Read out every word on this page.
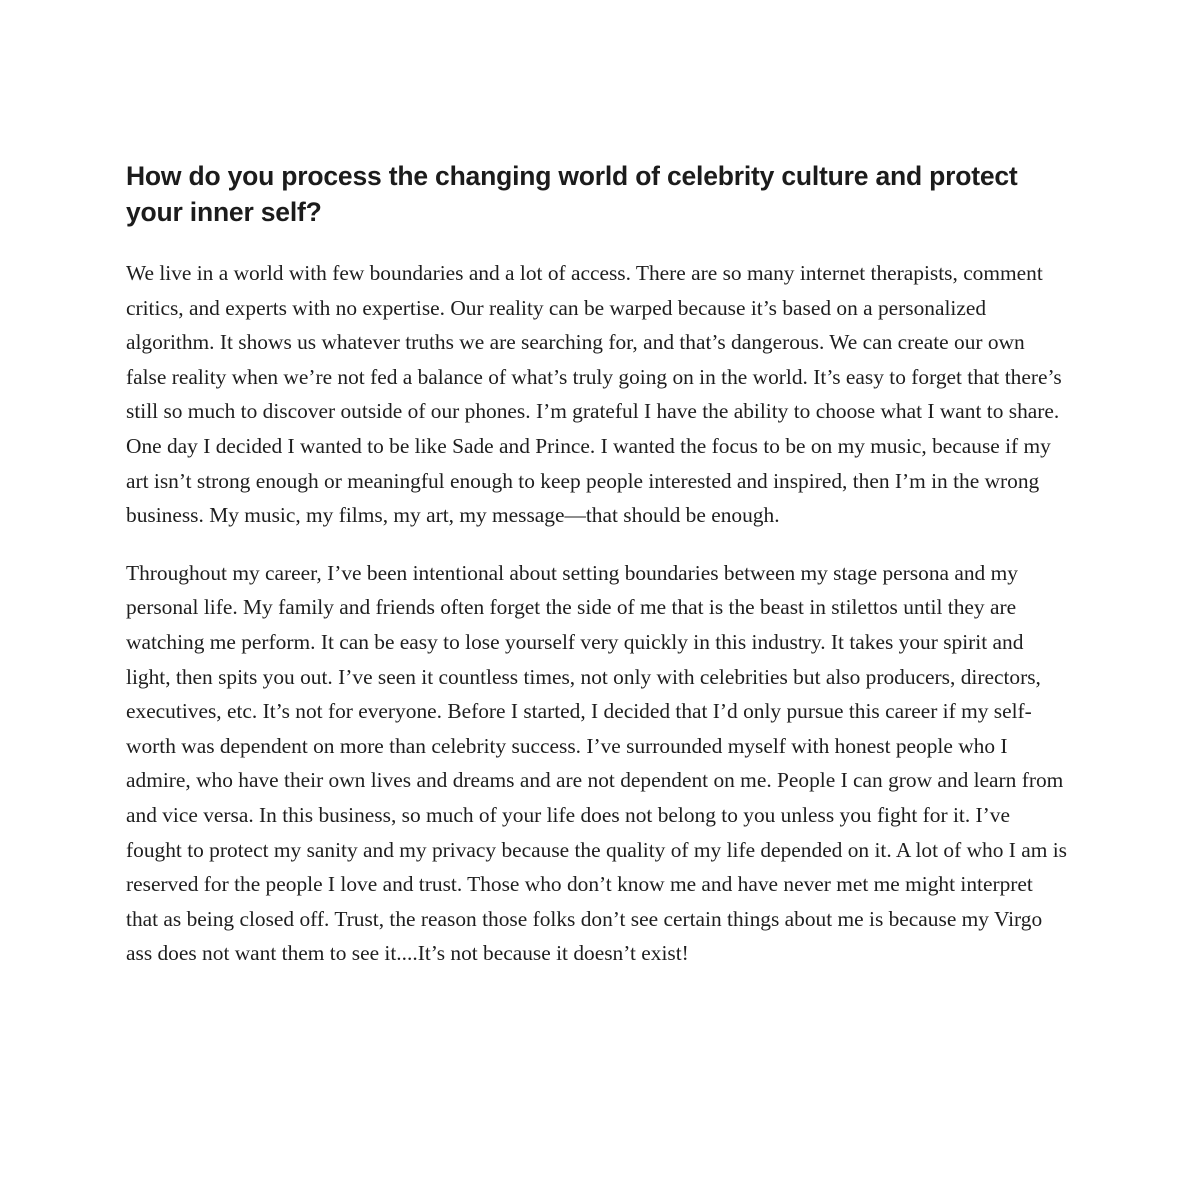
How do you process the changing world of celebrity culture and protect your inner self?

We live in a world with few boundaries and a lot of access. There are so many internet therapists, comment critics, and experts with no expertise. Our reality can be warped because it’s based on a personalized algorithm. It shows us whatever truths we are searching for, and that’s dangerous. We can create our own false reality when we’re not fed a balance of what’s truly going on in the world. It’s easy to forget that there’s still so much to discover outside of our phones. I’m grateful I have the ability to choose what I want to share. One day I decided I wanted to be like Sade and Prince. I wanted the focus to be on my music, because if my art isn’t strong enough or meaningful enough to keep people interested and inspired, then I’m in the wrong business. My music, my films, my art, my message—that should be enough.

Throughout my career, I’ve been intentional about setting boundaries between my stage persona and my personal life. My family and friends often forget the side of me that is the beast in stilettos until they are watching me perform. It can be easy to lose yourself very quickly in this industry. It takes your spirit and light, then spits you out. I’ve seen it countless times, not only with celebrities but also producers, directors, executives, etc. It’s not for everyone. Before I started, I decided that I’d only pursue this career if my self-worth was dependent on more than celebrity success. I’ve surrounded myself with honest people who I admire, who have their own lives and dreams and are not dependent on me. People I can grow and learn from and vice versa. In this business, so much of your life does not belong to you unless you fight for it. I’ve fought to protect my sanity and my privacy because the quality of my life depended on it. A lot of who I am is reserved for the people I love and trust. Those who don’t know me and have never met me might interpret that as being closed off. Trust, the reason those folks don’t see certain things about me is because my Virgo ass does not want them to see it....It’s not because it doesn’t exist!
